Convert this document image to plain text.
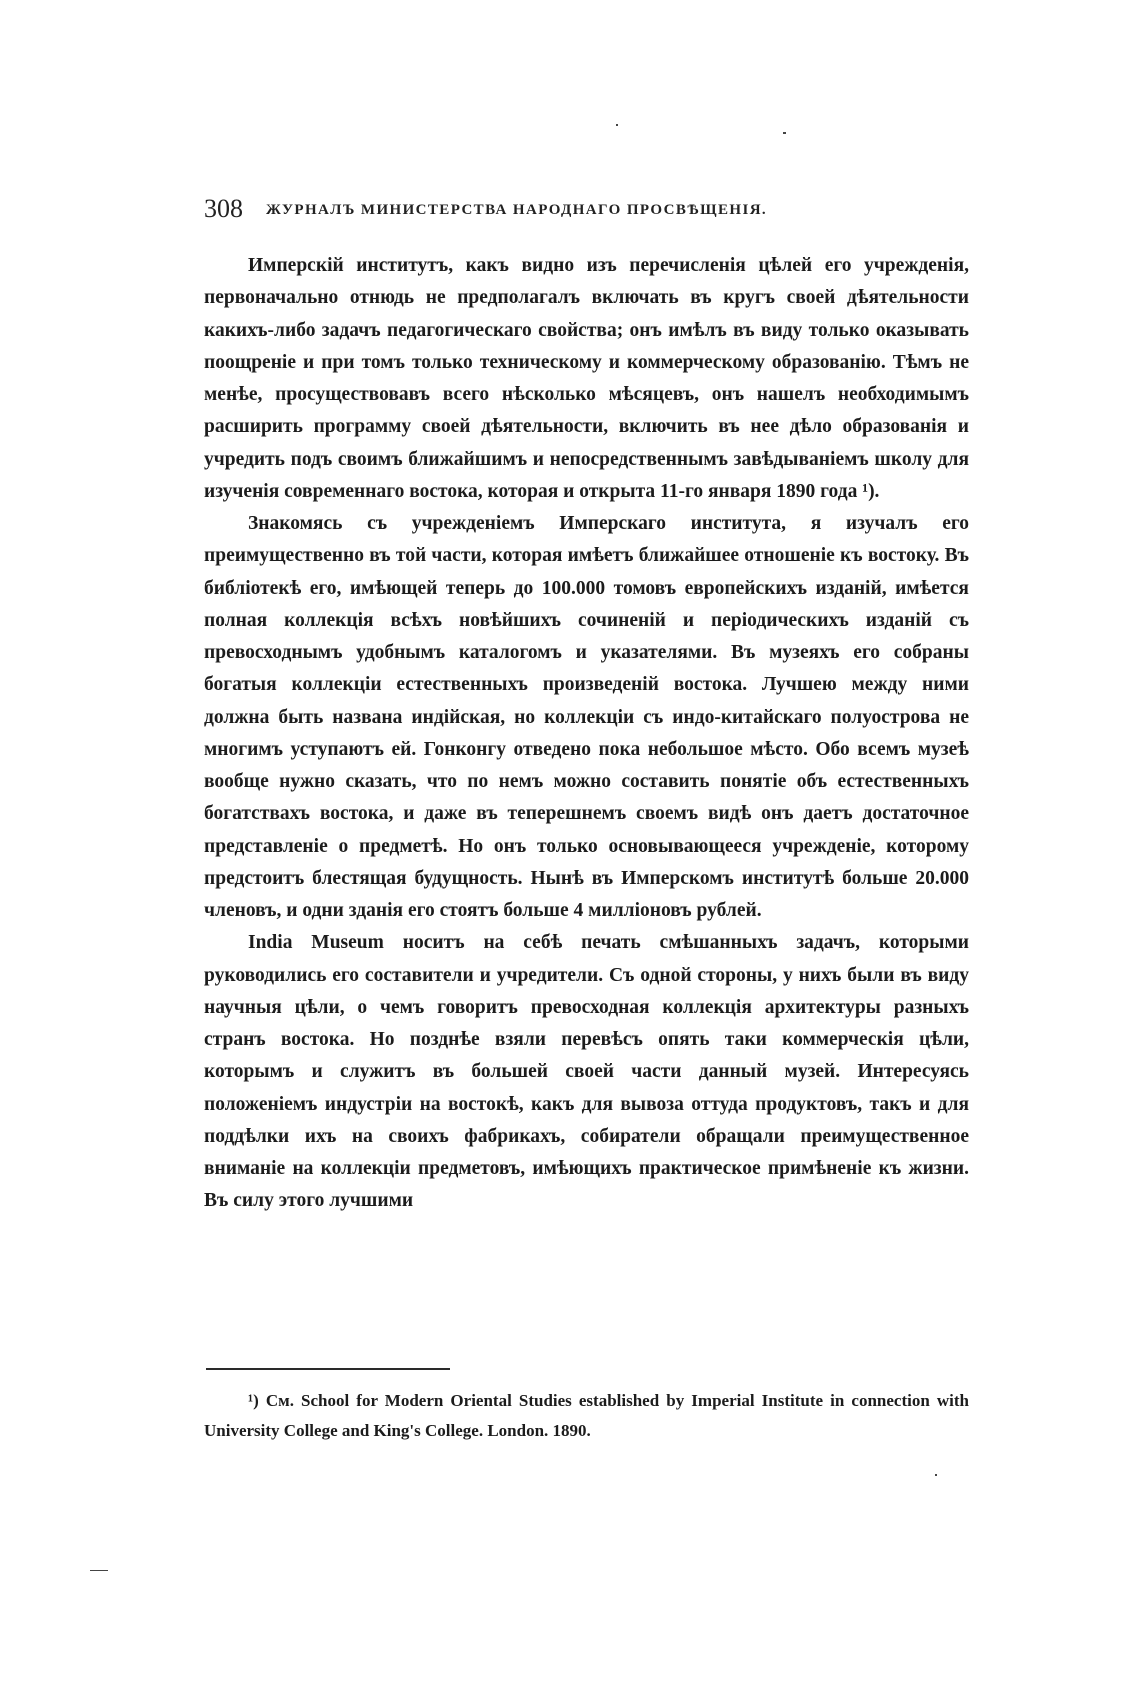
308 ЖУРНАЛЪ МИНИСТЕРСТВА НАРОДНАГО ПРОСВѢЩЕНІЯ.

Имперскій институтъ, какъ видно изъ перечисленія цѣлей его учрежденія, первоначально отнюдь не предполагалъ включать въ кругъ своей дѣятельности какихъ-либо задачъ педагогическаго свойства; онъ имѣлъ въ виду только оказывать поощреніе и при томъ только техническому и коммерческому образованію. Тѣмъ не менѣе, просуществовавъ всего нѣсколько мѣсяцевъ, онъ нашелъ необходимымъ расширить программу своей дѣятельности, включить въ нее дѣло образованія и учредить подъ своимъ ближайшимъ и непосредственнымъ завѣдываніемъ школу для изученія современнаго востока, которая и открыта 11-го января 1890 года ¹).

Знакомясь съ учрежденіемъ Имперскаго института, я изучалъ его преимущественно въ той части, которая имѣетъ ближайшее отношеніе къ востоку. Въ библіотекѣ его, имѣющей теперь до 100.000 томовъ европейскихъ изданій, имѣется полная коллекція всѣхъ новѣйшихъ сочиненій и періодическихъ изданій съ превосходнымъ удобнымъ каталогомъ и указателями. Въ музеяхъ его собраны богатыя коллекціи естественныхъ произведеній востока. Лучшею между ними должна быть названа индійская, но коллекціи съ индо-китайскаго полуострова не многимъ уступаютъ ей. Гонконгу отведено пока небольшое мѣсто. Обо всемъ музеѣ вообще нужно сказать, что по немъ можно составить понятіе объ естественныхъ богатствахъ востока, и даже въ теперешнемъ своемъ видѣ онъ даетъ достаточное представленіе о предметѣ. Но онъ только основывающееся учрежденіе, которому предстоитъ блестящая будущность. Нынѣ въ Имперскомъ институтѣ больше 20.000 членовъ, и одни зданія его стоятъ больше 4 милліоновъ рублей.

India Museum носитъ на себѣ печать смѣшанныхъ задачъ, которыми руководились его составители и учредители. Съ одной стороны, у нихъ были въ виду научныя цѣли, о чемъ говоритъ превосходная коллекція архитектуры разныхъ странъ востока. Но позднѣе взяли перевѣсъ опять таки коммерческія цѣли, которымъ и служитъ въ большей своей части данный музей. Интересуясь положеніемъ индустріи на востокѣ, какъ для вывоза оттуда продуктовъ, такъ и для поддѣлки ихъ на своихъ фабрикахъ, собиратели обращали преимущественное вниманіе на коллекціи предметовъ, имѣющихъ практическое примѣненіе къ жизни. Въ силу этого лучшими

¹) См. School for Modern Oriental Studies established by Imperial Institute in connection with University College and King's College. London. 1890.
